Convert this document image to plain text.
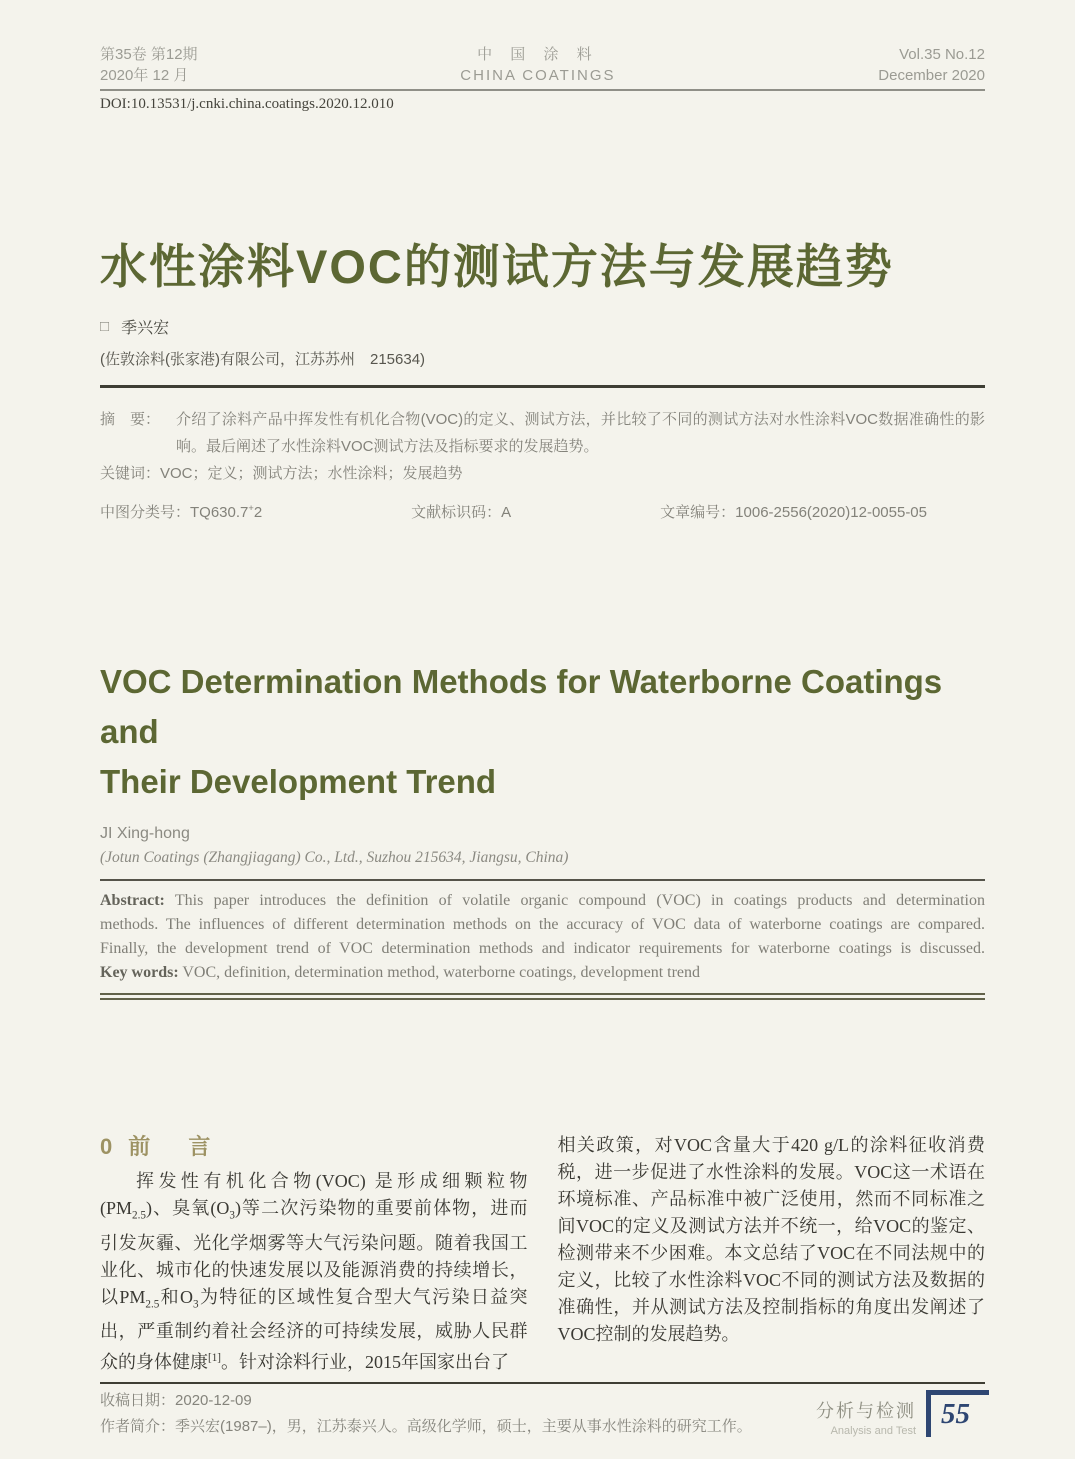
第35卷 第12期
2020年 12 月
中 国 涂 料
CHINA COATINGS
Vol.35 No.12
December 2020
DOI:10.13531/j.cnki.china.coatings.2020.12.010
水性涂料VOC的测试方法与发展趋势
□ 季兴宏
(佐敦涂料(张家港)有限公司，江苏苏州　215634)
摘　要：	介绍了涂料产品中挥发性有机化合物(VOC)的定义、测试方法，并比较了不同的测试方法对水性涂料VOC数据准确性的影响。最后阐述了水性涂料VOC测试方法及指标要求的发展趋势。
关键词：VOC；定义；测试方法；水性涂料；发展趋势
中图分类号：TQ630.7+2	文献标识码：A	文章编号：1006-2556(2020)12-0055-05
VOC Determination Methods for Waterborne Coatings and
Their Development Trend
JI Xing-hong
(Jotun Coatings (Zhangjiagang) Co., Ltd., Suzhou 215634, Jiangsu, China)
Abstract: This paper introduces the definition of volatile organic compound (VOC) in coatings products and determination
methods. The influences of different determination methods on the accuracy of VOC data of waterborne coatings are compared.
Finally, the development trend of VOC determination methods and indicator requirements for waterborne coatings is discussed.
Key words: VOC, definition, determination method, waterborne coatings, development trend
0 前 言
挥发性有机化合物(VOC) 是形成细颗粒物
$(PM_{2.5})$、臭氧$(O_3)$等二次污染物的重要前体物，进而
引发灰霾、光化学烟雾等大气污染问题。随着我国工
业化、城市化的快速发展以及能源消费的持续增长，
以$PM_{2.5}$和$O_3$为特征的区域性复合型大气污染日益突
出，严重制约着社会经济的可持续发展，威胁人民群
众的身体健康[1]。针对涂料行业，2015年国家出台了
相关政策，对VOC含量大于420 g/L的涂料征收消费
税，进一步促进了水性涂料的发展。VOC这一术语在
环境标准、产品标准中被广泛使用，然而不同标准之
间VOC的定义及测试方法并不统一，给VOC的鉴定、
检测带来不少困难。本文总结了VOC在不同法规中的
定义，比较了水性涂料VOC不同的测试方法及数据的
准确性，并从测试方法及控制指标的角度出发阐述了
VOC控制的发展趋势。
收稿日期：2020-12-09
作者简介：季兴宏(1987–)，男，江苏泰兴人。高级化学师，硕士，主要从事水性涂料的研究工作。
分析与检测
Analysis and Test
55
